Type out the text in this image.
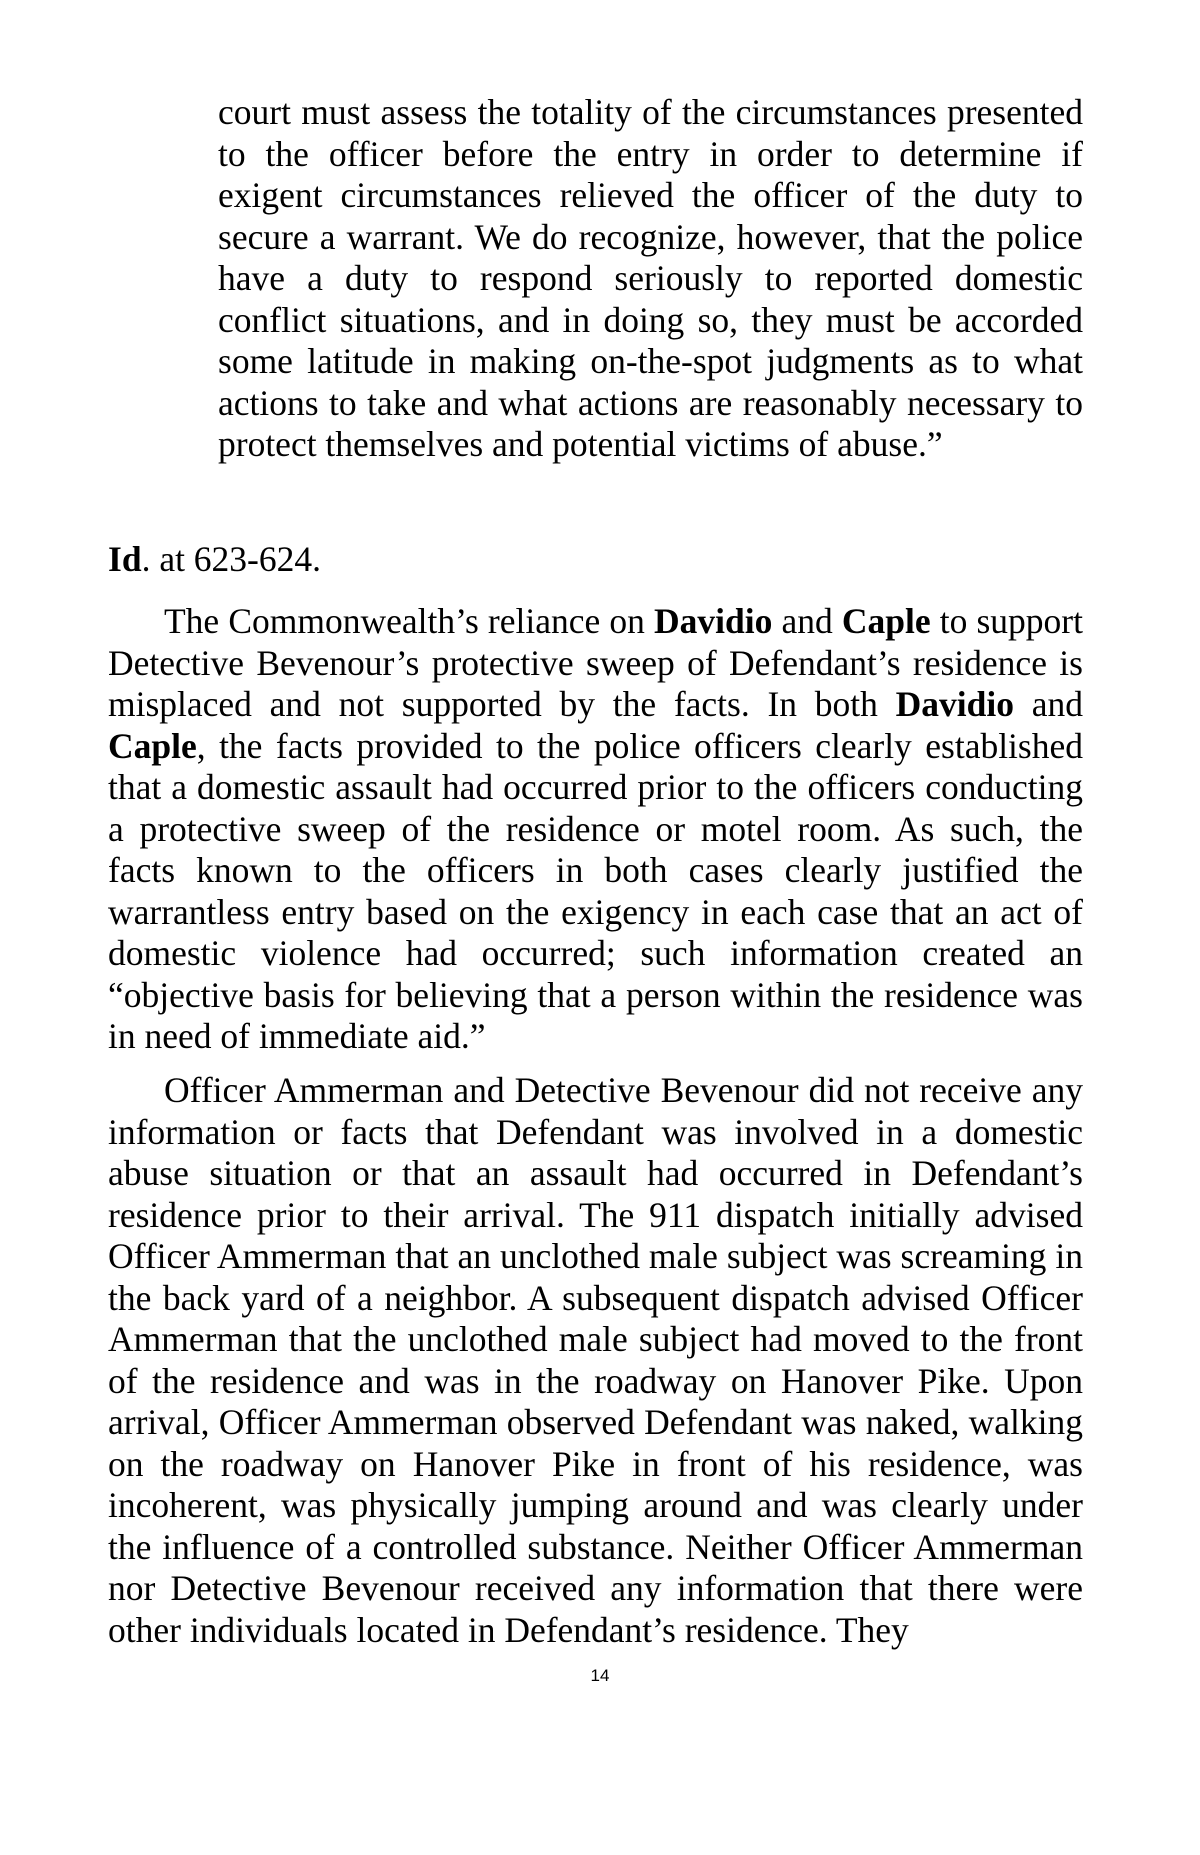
court must assess the totality of the circumstances presented to the officer before the entry in order to determine if exigent circumstances relieved the officer of the duty to secure a warrant. We do recognize, however, that the police have a duty to respond seriously to reported domestic conflict situations, and in doing so, they must be accorded some latitude in making on-the-spot judgments as to what actions to take and what actions are reasonably necessary to protect themselves and potential victims of abuse.”
Id. at 623-624.

The Commonwealth’s reliance on Davidio and Caple to support Detective Bevenour’s protective sweep of Defendant’s residence is misplaced and not supported by the facts. In both Davidio and Caple, the facts provided to the police officers clearly established that a domestic assault had occurred prior to the officers conducting a protective sweep of the residence or motel room. As such, the facts known to the officers in both cases clearly justified the warrantless entry based on the exigency in each case that an act of domestic violence had occurred; such information created an “objective basis for believing that a person within the residence was in need of immediate aid.”

Officer Ammerman and Detective Bevenour did not receive any information or facts that Defendant was involved in a domestic abuse situation or that an assault had occurred in Defendant’s residence prior to their arrival. The 911 dispatch initially advised Officer Ammerman that an unclothed male subject was screaming in the back yard of a neighbor. A subsequent dispatch advised Officer Ammerman that the unclothed male subject had moved to the front of the residence and was in the roadway on Hanover Pike. Upon arrival, Officer Ammerman observed Defendant was naked, walking on the roadway on Hanover Pike in front of his residence, was incoherent, was physically jumping around and was clearly under the influence of a controlled substance. Neither Officer Ammerman nor Detective Bevenour received any information that there were other individuals located in Defendant’s residence. They

14
